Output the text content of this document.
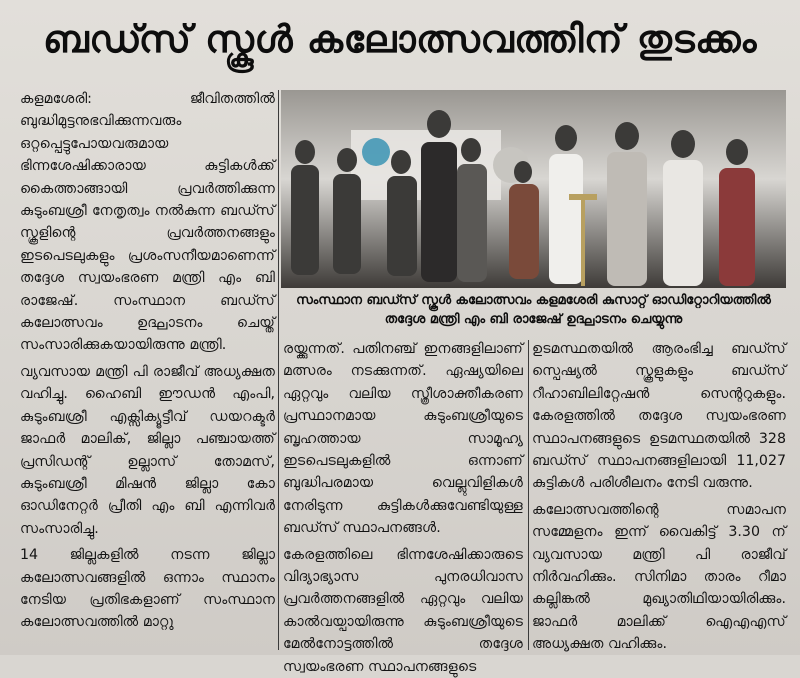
ബഡ്സ് സ്കൂൾ കലോത്സവത്തിന് തുടക്കം

കളമശേരി: ജീവിതത്തിൽ ബുദ്ധിമുട്ടനുഭവിക്കുന്നവരും ഒറ്റപ്പെട്ടുപോയവരുമായ ഭിന്നശേഷിക്കാരായ കുട്ടികൾക്ക് കൈത്താങ്ങായി പ്രവർത്തിക്കുന്ന കുടുംബശ്രീ നേതൃത്വം നൽകുന്ന ബഡ്സ് സ്കൂളിന്റെ പ്രവർത്തനങ്ങളും ഇടപെടലുകളും പ്രശംസനീയമാണെന്ന് തദ്ദേശ സ്വയംഭരണ മന്ത്രി എം ബി രാജേഷ്. സംസ്ഥാന ബഡ്സ് കലോത്സവം ഉദ്ഘാടനം ചെയ്ത് സംസാരിക്കുകയായിരുന്നു മന്ത്രി.

വ്യവസായ മന്ത്രി പി രാജീവ് അധ്യക്ഷത വഹിച്ചു. ഹൈബി ഈഡൻ എംപി, കുടുംബശ്രീ എക്സിക്യൂട്ടീവ് ഡയറക്ടർ ജാഫർ മാലിക്, ജില്ലാ പഞ്ചായത്ത് പ്രസിഡന്റ് ഉല്ലാസ് തോമസ്, കുടുംബശ്രീ മിഷൻ ജില്ലാ കോ ഓഡിനേറ്റർ പ്രീതി എം ബി എന്നിവർ സംസാരിച്ചു.

14 ജില്ലകളിൽ നടന്ന ജില്ലാ കലോത്സവങ്ങളിൽ ഒന്നാം സ്ഥാനം നേടിയ പ്രതിഭകളാണ് സംസ്ഥാന കലോത്സവത്തിൽ മാറ്റു

സംസ്ഥാന ബഡ്സ് സ്കൂൾ കലോത്സവം കളമശേരി കുസാറ്റ് ഓഡിറ്റോറിയത്തിൽ തദ്ദേശ മന്ത്രി എം ബി രാജേഷ് ഉദ്ഘാടനം ചെയ്യുന്നു

രയ്ക്കുന്നത്. പതിനഞ്ച് ഇനങ്ങളിലാണ് മത്സരം നടക്കുന്നത്. ഏഷ്യയിലെ ഏറ്റവും വലിയ സ്ത്രീശാക്തീകരണ പ്രസ്ഥാനമായ കുടുംബശ്രീയുടെ ബൃഹത്തായ സാമൂഹ്യ ഇടപെടലുകളിൽ ഒന്നാണ് ബുദ്ധിപരമായ വെല്ലുവിളികൾ നേരിടുന്ന കുട്ടികൾക്കുവേണ്ടിയുള്ള ബഡ്സ് സ്ഥാപനങ്ങൾ.

കേരളത്തിലെ ഭിന്നശേഷിക്കാരുടെ വിദ്യാഭ്യാസ പുനരധിവാസ പ്രവർത്തനങ്ങളിൽ ഏറ്റവും വലിയ കാൽവയ്പായിരുന്നു കുടുംബശ്രീയുടെ മേൽനോട്ടത്തിൽ തദ്ദേശ സ്വയംഭരണ സ്ഥാപനങ്ങളുടെ

ഉടമസ്ഥതയിൽ ആരംഭിച്ച ബഡ്സ് സ്പെഷ്യൽ സ്കൂളുകളും ബഡ്സ് റീഹാബിലിറ്റേഷൻ സെന്ററുകളും. കേരളത്തിൽ തദ്ദേശ സ്വയംഭരണ സ്ഥാപനങ്ങളുടെ ഉടമസ്ഥതയിൽ 328 ബഡ്സ് സ്ഥാപനങ്ങളിലായി 11,027 കുട്ടികൾ പരിശീലനം നേടി വരുന്നു.

കലോത്സവത്തിന്റെ സമാപന സമ്മേളനം ഇന്ന് വൈകിട്ട് 3.30 ന് വ്യവസായ മന്ത്രി പി രാജീവ് നിർവഹിക്കും. സിനിമാ താരം റീമാ കല്ലിങ്കൽ മുഖ്യാതിഥിയായിരിക്കും. ജാഫർ മാലിക്ക് ഐഎഎസ് അധ്യക്ഷത വഹിക്കും.
